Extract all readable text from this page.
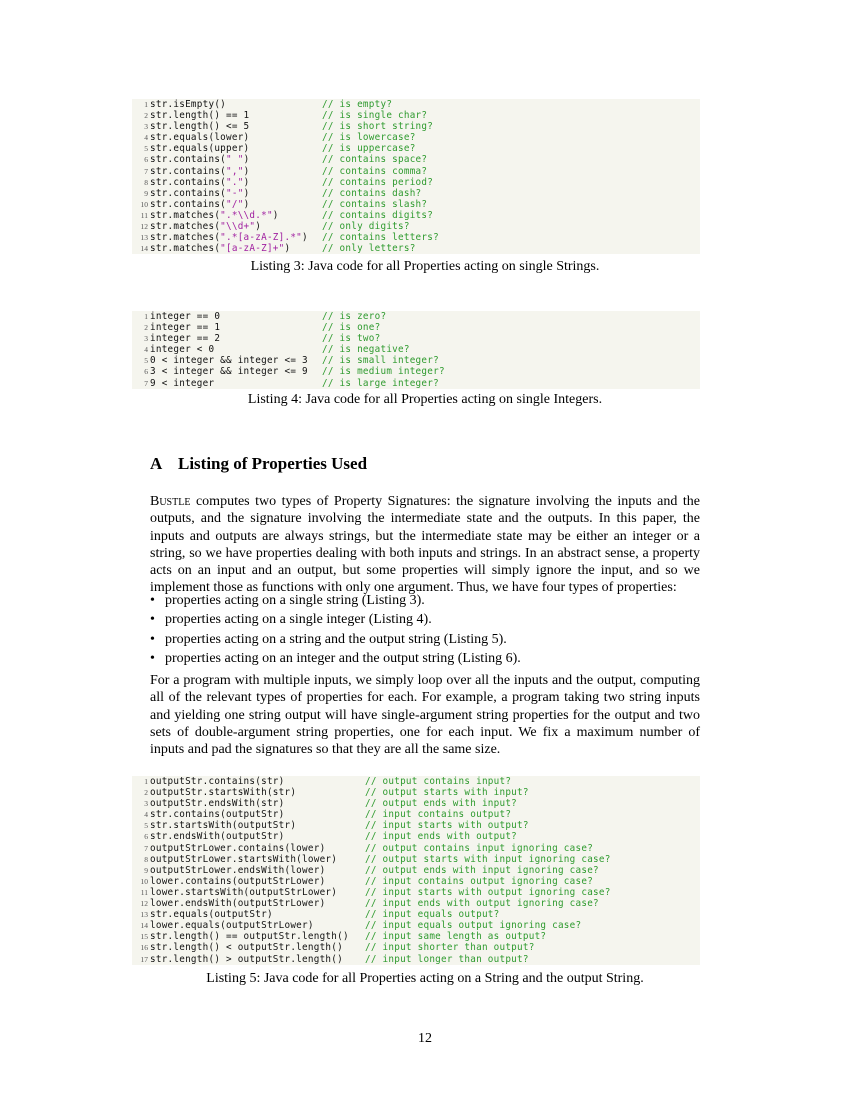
1 str.isEmpty()	// is empty?
2 str.length() == 1	// is single char?
3 str.length() <= 5	// is short string?
4 str.equals(lower)	// is lowercase?
5 str.equals(upper)	// is uppercase?
6 str.contains(" ")	// contains space?
7 str.contains(",")	// contains comma?
8 str.contains(".")	// contains period?
9 str.contains("-")	// contains dash?
10 str.contains("/")	// contains slash?
11 str.matches(".*\\d.*")	// contains digits?
12 str.matches("\\d+")	// only digits?
13 str.matches(".*[a-zA-Z].*") // contains letters?
14 str.matches("[a-zA-Z]+")	// only letters?
Listing 3: Java code for all Properties acting on single Strings.
1 integer == 0	// is zero?
2 integer == 1	// is one?
3 integer == 2	// is two?
4 integer < 0	// is negative?
5 0 < integer && integer <= 3 // is small integer?
6 3 < integer && integer <= 9 // is medium integer?
7 9 < integer	// is large integer?
Listing 4: Java code for all Properties acting on single Integers.
A Listing of Properties Used
Bustle computes two types of Property Signatures: the signature involving the inputs and the outputs, and the signature involving the intermediate state and the outputs. In this paper, the inputs and outputs are always strings, but the intermediate state may be either an integer or a string, so we have properties dealing with both inputs and strings. In an abstract sense, a property acts on an input and an output, but some properties will simply ignore the input, and so we implement those as functions with only one argument. Thus, we have four types of properties:
• properties acting on a single string (Listing 3).
• properties acting on a single integer (Listing 4).
• properties acting on a string and the output string (Listing 5).
• properties acting on an integer and the output string (Listing 6).
For a program with multiple inputs, we simply loop over all the inputs and the output, computing all of the relevant types of properties for each. For example, a program taking two string inputs and yielding one string output will have single-argument string properties for the output and two sets of double-argument string properties, one for each input. We fix a maximum number of inputs and pad the signatures so that they are all the same size.
1 outputStr.contains(str)	// output contains input?
2 outputStr.startsWith(str)	// output starts with input?
3 outputStr.endsWith(str)	// output ends with input?
4 str.contains(outputStr)	// input contains output?
5 str.startsWith(outputStr)	// input starts with output?
6 str.endsWith(outputStr)	// input ends with output?
7 outputStrLower.contains(lower)	// output contains input ignoring case?
8 outputStrLower.startsWith(lower)	// output starts with input ignoring case?
9 outputStrLower.endsWith(lower)	// output ends with input ignoring case?
10 lower.contains(outputStrLower)	// input contains output ignoring case?
11 lower.startsWith(outputStrLower)	// input starts with output ignoring case?
12 lower.endsWith(outputStrLower)	// input ends with output ignoring case?
13 str.equals(outputStr)	// input equals output?
14 lower.equals(outputStrLower)	// input equals output ignoring case?
15 str.length() == outputStr.length() // input same length as output?
16 str.length() < outputStr.length() // input shorter than output?
17 str.length() > outputStr.length() // input longer than output?
Listing 5: Java code for all Properties acting on a String and the output String.
12
